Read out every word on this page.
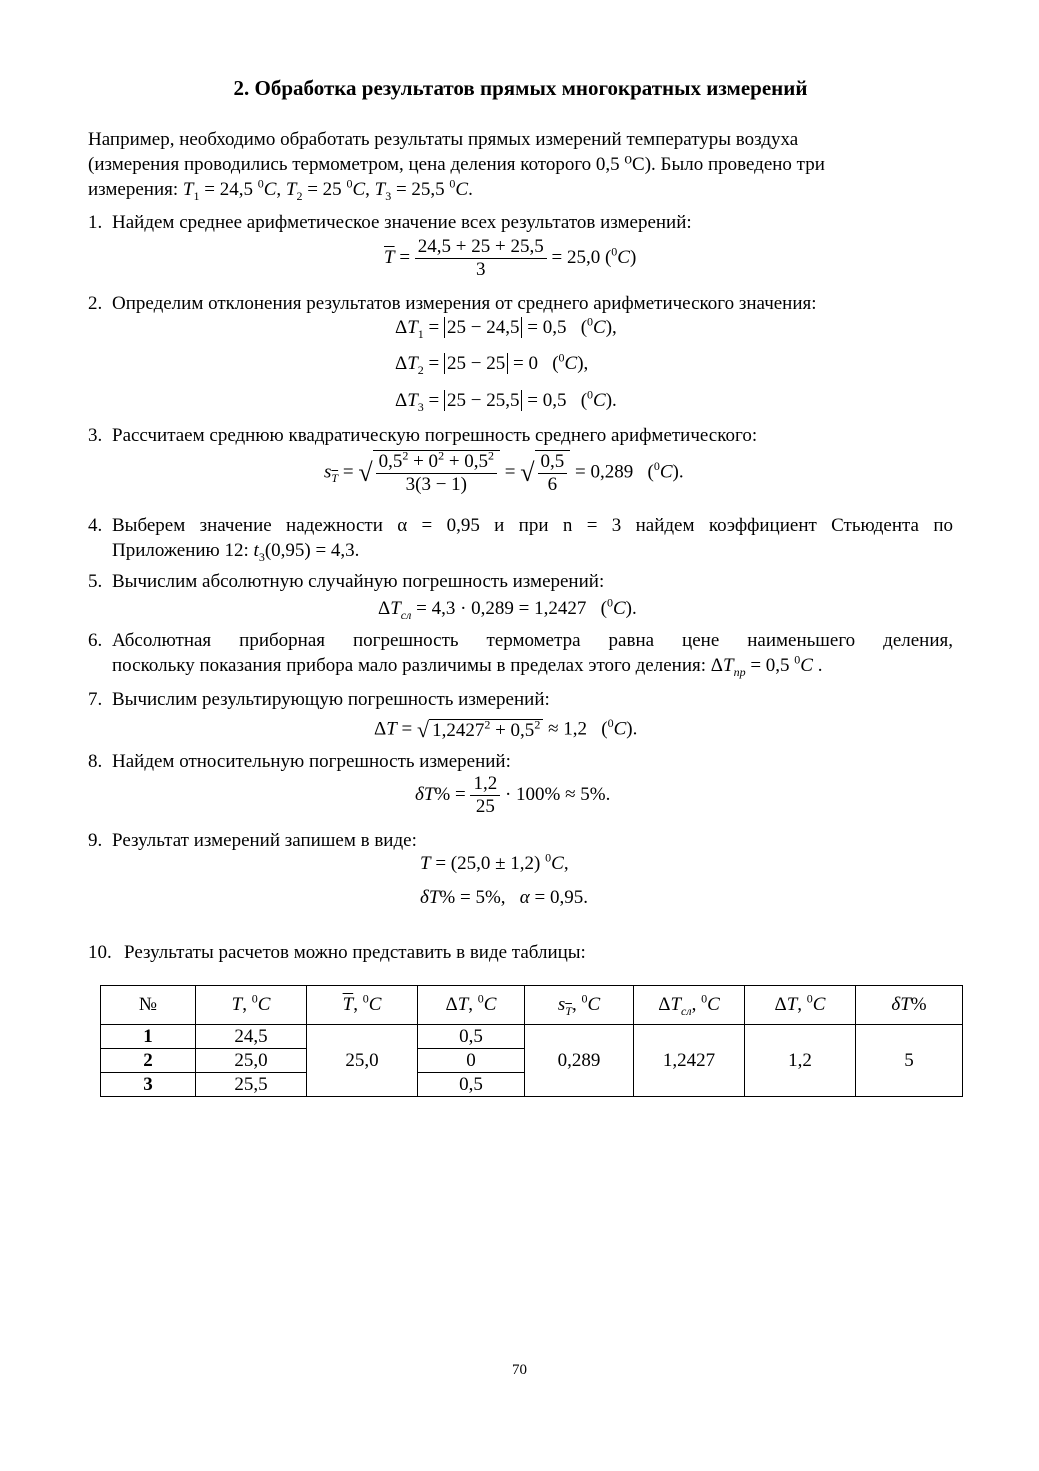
2. Обработка результатов прямых многократных измерений
Например, необходимо обработать результаты прямых измерений температуры воздуха
(измерения проводились термометром, цена деления которого 0,5 ⁰С). Было проведено три
измерения: $T_1 = 24,5$ $^0$C, $T_2 = 25$ $^0$C, $T_3 = 25,5$ $^0$C.
1. Найдем среднее арифметическое значение всех результатов измерений:
$\overline{T} = \frac{24,5 + 25 + 25,5}{3} = 25,0$ ($^0$C)
2. Определим отклонения результатов измерения от среднего арифметического значения:
$\Delta T_1 = 25 - 24,5 = 0,5$   ($^0$C),
$\Delta T_2 = 25 - 25 = 0$   ($^0$C),
$\Delta T_3 = 25 - 25,5 = 0,5$   ($^0$C).
3. Рассчитаем среднюю квадратическую погрешность среднего арифметического:
$s_{\overline{T}}$ = √ $\frac{0,5^2 + 0^2 + 0,5^2}{3(3 - 1)}$ = √ $\frac{0,5}{6} = 0,289$   ($^0$C).
4. Выберем значение надежности α = 0,95 и при n = 3 найдем коэффициент Стьюдента по
Приложению 12: $t_3(0,95) = 4,3$.
5. Вычислим абсолютную случайную погрешность измерений:
$\Delta T_{сл} = 4,3 \cdot 0,289 = 1,2427$   ($^0$C).
6. Абсолютная приборная погрешность термометра равна цене наименьшего деления,
поскольку показания прибора мало различимы в пределах этого деления: $\Delta T_{пр} = 0,5$ $^0$C .
7. Вычислим результирующую погрешность измерений:
ΔT = √ $1,2427^2 + 0,5^2 \approx 1,2$   ($^0$C).
8. Найдем относительную погрешность измерений:
$\delta T\% = \frac{1,2}{25} \cdot 100\% \approx 5\%$.
9. Результат измерений запишем в виде:
T = (25,0 ± 1,2) $^0$C,
δT% = 5%,   α = 0,95.
10. Результаты расчетов можно представить в виде таблицы:
№	T, $^0$C	$\overline{T}$, $^0$C	ΔT, $^0$C	$s_{\overline{T}}$, $^0$C	$\Delta T_{сл}$, $^0$C	ΔT, $^0$C	δT%
1	24,5	25,0	0,5	0,289	1,2427	1,2	5
2	25,0		0				
3	25,5		0,5				
70
